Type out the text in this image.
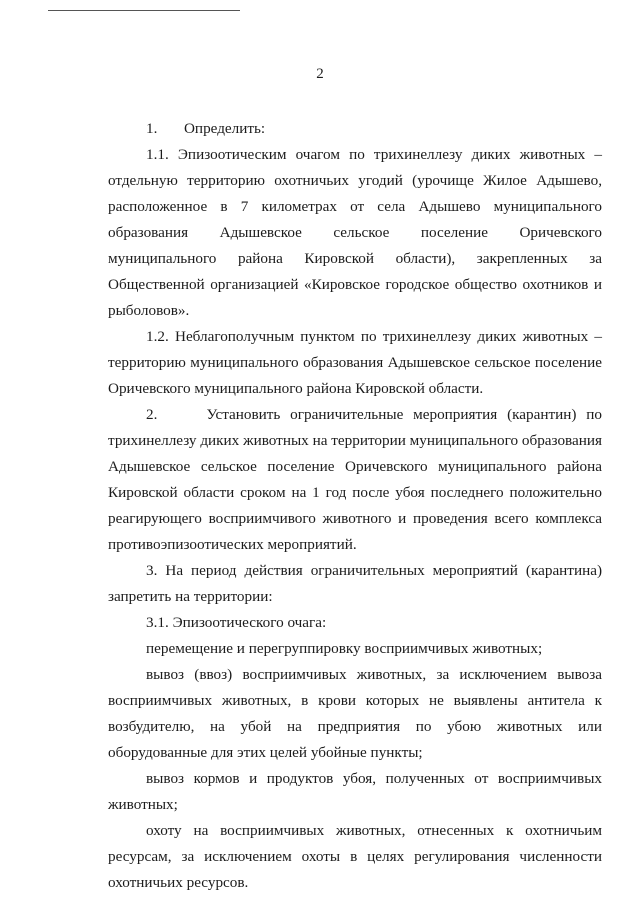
2

1.       Определить:

1.1. Эпизоотическим очагом по трихинеллезу диких животных – отдельную территорию охотничьих угодий (урочище Жилое Адышево, расположенное в 7 километрах от села Адышево муниципального образования Адышевское сельское поселение Оричевского муниципального района Кировской области), закрепленных за Общественной организацией «Кировское городское общество охотников и рыболовов».

1.2. Неблагополучным пунктом по трихинеллезу диких животных – территорию муниципального образования Адышевское сельское поселение Оричевского муниципального района Кировской области.

2.     Установить ограничительные мероприятия (карантин) по трихинеллезу диких животных на территории муниципального образования Адышевское сельское поселение Оричевского муниципального района Кировской области сроком на 1 год после убоя последнего положительно реагирующего восприимчивого животного и проведения всего комплекса противоэпизоотических мероприятий.

3. На период действия ограничительных мероприятий (карантина) запретить на территории:

3.1. Эпизоотического очага:

перемещение и перегруппировку восприимчивых животных;

вывоз (ввоз) восприимчивых животных, за исключением вывоза восприимчивых животных, в крови которых не выявлены антитела к возбудителю, на убой на предприятия по убою животных или оборудованные для этих целей убойные пункты;

вывоз кормов и продуктов убоя, полученных от восприимчивых животных;

охоту на восприимчивых животных, отнесенных к охотничьим ресурсам, за исключением охоты в целях регулирования численности охотничьих ресурсов.
